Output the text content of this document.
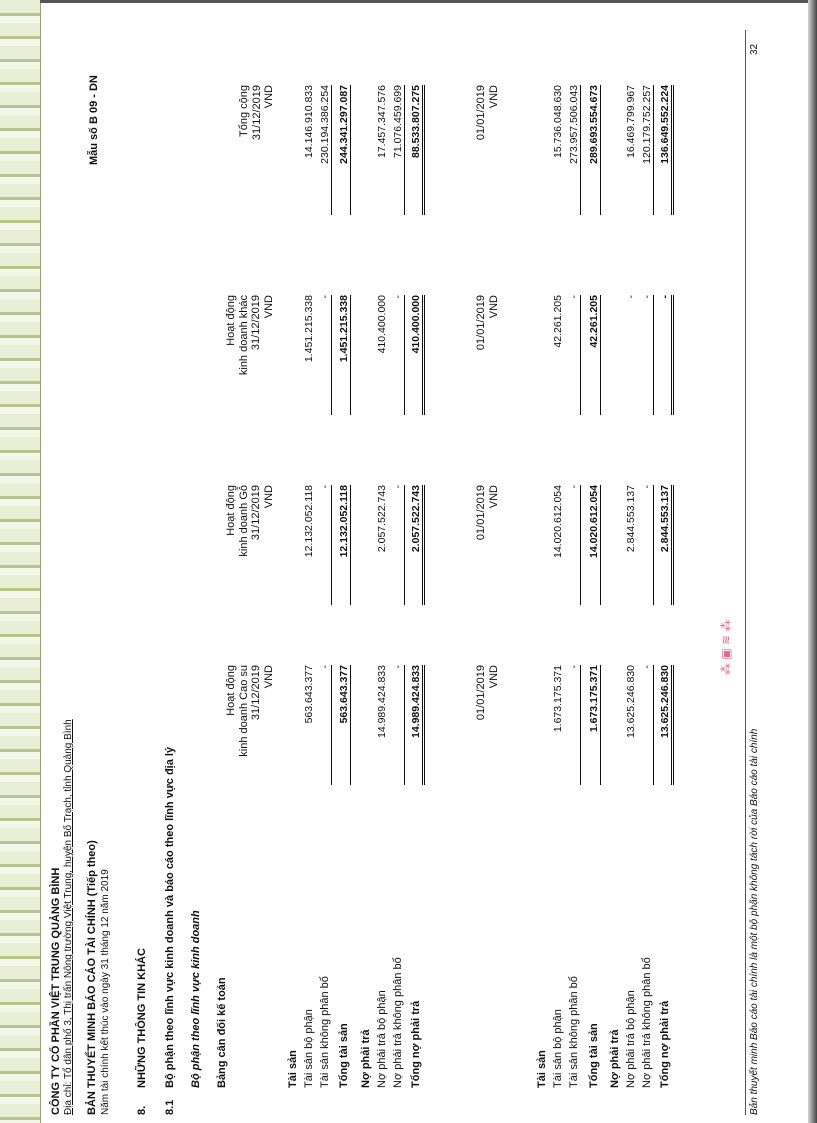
CÔNG TY CỔ PHẦN VIỆT TRUNG QUẢNG BÌNH Địa chỉ: Tổ dân phố 3, Thị trấn Nông trường Việt Trung, huyện Bố Trạch, tỉnh Quảng Bình BẢN THUYẾT MINH BÁO CÁO TÀI CHÍNH (Tiếp theo) Năm tài chính kết thúc vào ngày 31 tháng 12 năm 2019
Mẫu số B 09 - DN
8.
NHỮNG THÔNG TIN KHÁC
8.1
Bộ phận theo lĩnh vực kinh doanh và báo cáo theo lĩnh vực địa lý Bộ phận theo lĩnh vực kinh doanh Bảng cân đối kế toán
Hoạt động kinh doanh Cao su 31/12/2019 VND
Hoạt động kinh doanh Gỗ 31/12/2019 VND
Hoạt động kinh doanh khác 31/12/2019 VND
Tổng cộng 31/12/2019 VND
Tài sản Tài sản bộ phận
563.643.377
12.132.052.118
1.451.215.338
14.146.910.833
Tài sản không phân bổ
-
-
-
230.194.386.254
Tổng tài sản
563.643.377
12.132.052.118
1.451.215.338
244.341.297.087
Nợ phải trả Nợ phải trả bộ phận
14.989.424.833
2.057.522.743
410.400.000
17.457.347.576
Nợ phải trả không phân bổ
-
-
-
71.076.459.699
Tổng nợ phải trả
14.989.424.833
2.057.522.743
410.400.000
88.533.807.275
01/01/2019 VND
01/01/2019 VND
01/01/2019 VND
01/01/2019 VND
Tài sản Tài sản bộ phận
1.673.175.371
14.020.612.054
42.261.205
15.736.048.630
Tài sản không phân bổ
-
-
-
273.957.506.043
Tổng tài sản
1.673.175.371
14.020.612.054
42.261.205
289.693.554.673
Nợ phải trả Nợ phải trả bộ phận
13.625.246.830
2.844.553.137
-
16.469.799.967
Nợ phải trả không phân bổ
-
-
-
120.179.752.257
Tổng nợ phải trả
13.625.246.830
2.844.553.137
-
136.649.552.224
⁂ ▣ ≋ ⁂
Bản thuyết minh Báo cáo tài chính là một bộ phận không tách rời của Báo cáo tài chính
32
